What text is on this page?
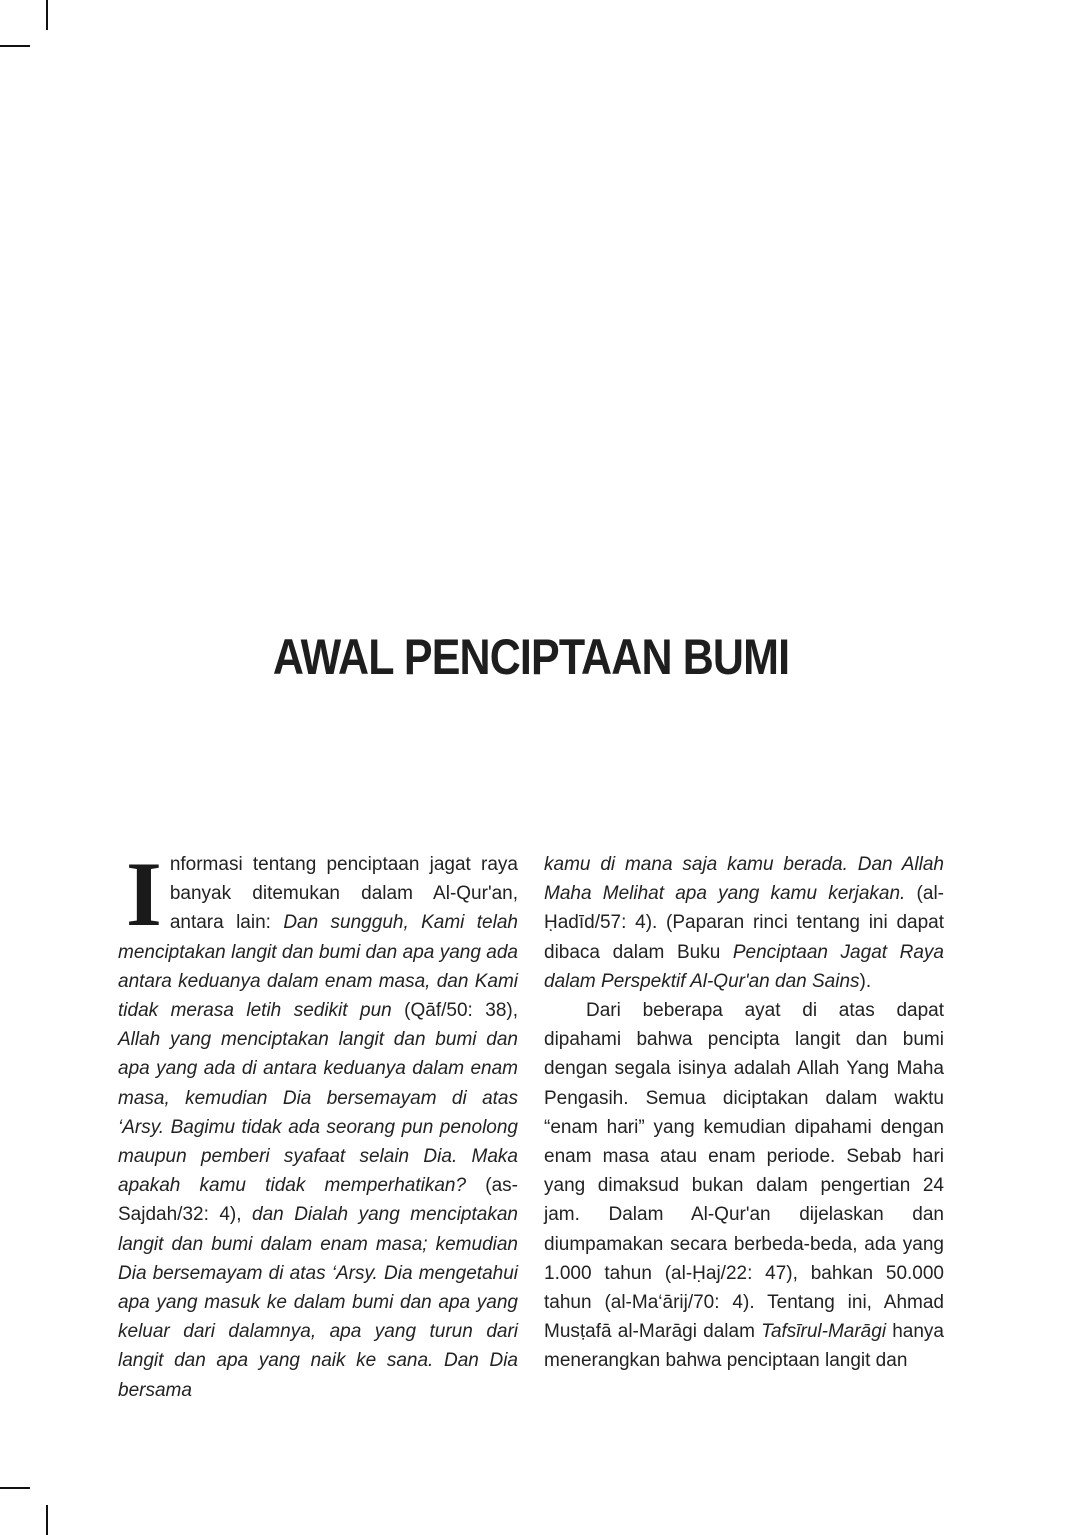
AWAL PENCIPTAAN BUMI

Informasi tentang penciptaan jagat raya banyak ditemukan dalam Al-Qur'an, antara lain: Dan sungguh, Kami telah menciptakan langit dan bumi dan apa yang ada antara keduanya dalam enam masa, dan Kami tidak merasa letih sedikit pun (Qāf/50: 38), Allah yang menciptakan langit dan bumi dan apa yang ada di antara keduanya dalam enam masa, kemudian Dia bersemayam di atas ‘Arsy. Bagimu tidak ada seorang pun penolong maupun pemberi syafaat selain Dia. Maka apakah kamu tidak memperhatikan? (as-Sajdah/32: 4), dan Dialah yang menciptakan langit dan bumi dalam enam masa; kemudian Dia bersemayam di atas ‘Arsy. Dia mengetahui apa yang masuk ke dalam bumi dan apa yang keluar dari dalamnya, apa yang turun dari langit dan apa yang naik ke sana. Dan Dia bersama

kamu di mana saja kamu berada. Dan Allah Maha Melihat apa yang kamu kerjakan. (al-Ḥadīd/57: 4). (Paparan rinci tentang ini dapat dibaca dalam Buku Penciptaan Jagat Raya dalam Perspektif Al-Qur'an dan Sains).

Dari beberapa ayat di atas dapat dipahami bahwa pencipta langit dan bumi dengan segala isinya adalah Allah Yang Maha Pengasih. Semua diciptakan dalam waktu “enam hari” yang kemudian dipahami dengan enam masa atau enam periode. Sebab hari yang dimaksud bukan dalam pengertian 24 jam. Dalam Al-Qur'an dijelaskan dan diumpamakan secara berbeda-beda, ada yang 1.000 tahun (al-Ḥaj/22: 47), bahkan 50.000 tahun (al-Ma‘ārij/70: 4). Tentang ini, Ahmad Musṭafā al-Marāgi dalam Tafsīrul-Marāgi hanya menerangkan bahwa penciptaan langit dan
